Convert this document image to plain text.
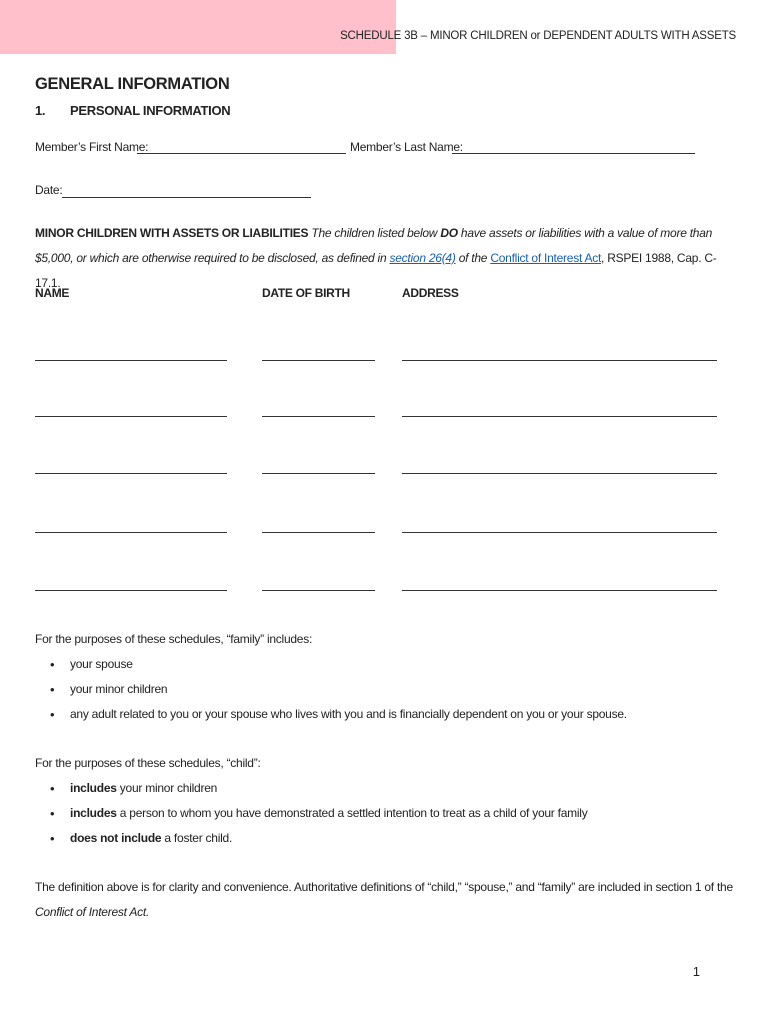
SCHEDULE 3B – MINOR CHILDREN or DEPENDENT ADULTS WITH ASSETS
GENERAL INFORMATION
1. PERSONAL INFORMATION
Member’s First Name:	Member’s Last Name:
Date:
MINOR CHILDREN WITH ASSETS OR LIABILITIES The children listed below DO have assets or liabilities with a value of more than $5,000, or which are otherwise required to be disclosed, as defined in section 26(4) of the Conflict of Interest Act, RSPEI 1988, Cap. C-17.1.
NAME	DATE OF BIRTH	ADDRESS
For the purposes of these schedules, “family” includes:
• your spouse
• your minor children
• any adult related to you or your spouse who lives with you and is financially dependent on you or your spouse.
For the purposes of these schedules, “child”:
• includes your minor children
• includes a person to whom you have demonstrated a settled intention to treat as a child of your family
• does not include a foster child.
The definition above is for clarity and convenience. Authoritative definitions of “child,” “spouse,” and “family” are included in section 1 of the Conflict of Interest Act.
1
